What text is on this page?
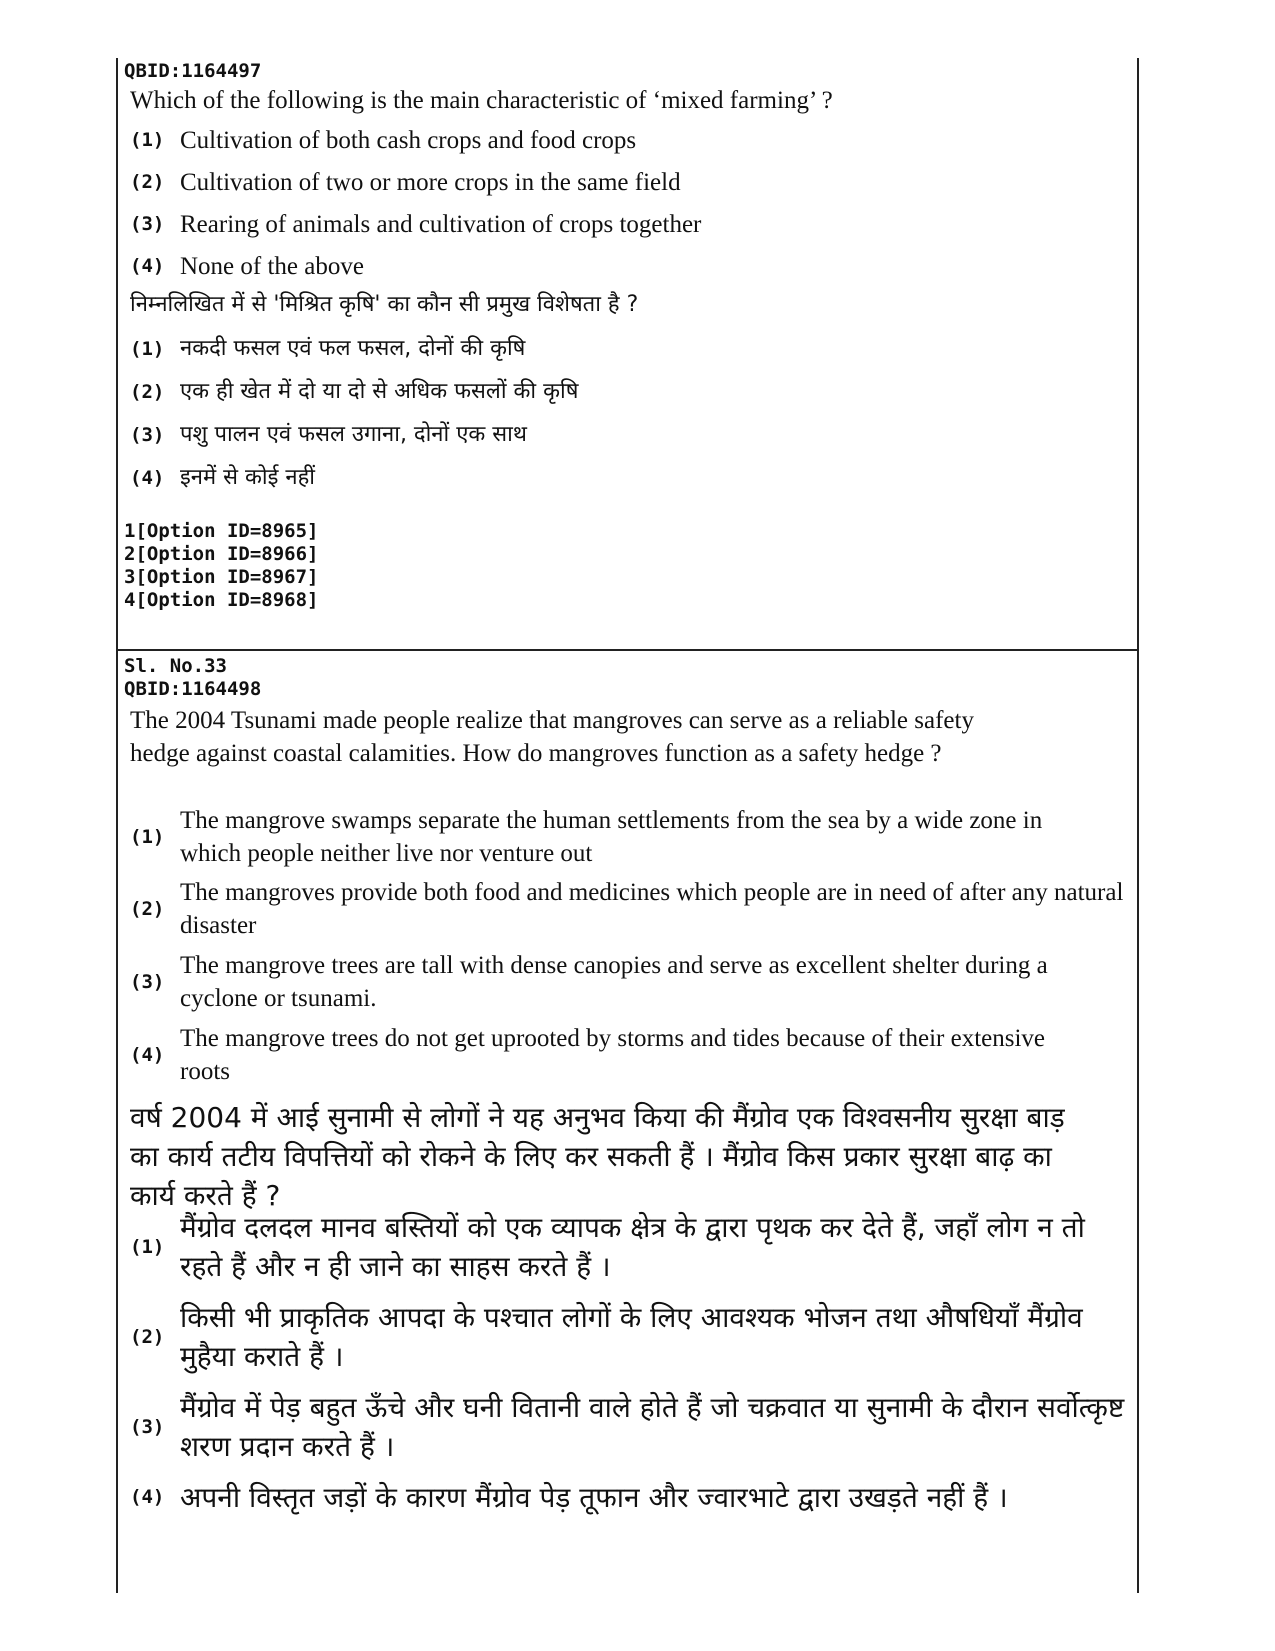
QBID:1164497
Which of the following is the main characteristic of ‘mixed farming’ ?
(1) Cultivation of both cash crops and food crops
(2) Cultivation of two or more crops in the same field
(3) Rearing of animals and cultivation of crops together
(4) None of the above
निम्नलिखित में से 'मिश्रित कृषि' का कौन सी प्रमुख विशेषता है ?
(1) नकदी फसल एवं फल फसल, दोनों की कृषि
(2) एक ही खेत में दो या दो से अधिक फसलों की कृषि
(3) पशु पालन एवं फसल उगाना, दोनों एक साथ
(4) इनमें से कोई नहीं
1[Option ID=8965]
2[Option ID=8966]
3[Option ID=8967]
4[Option ID=8968]
Sl. No.33
QBID:1164498
The 2004 Tsunami made people realize that mangroves can serve as a reliable safety hedge against coastal calamities. How do mangroves function as a safety hedge ?
(1)
The mangrove swamps separate the human settlements from the sea by a wide zone in which people neither live nor venture out
(2)
The mangroves provide both food and medicines which people are in need of after any natural disaster
(3)
The mangrove trees are tall with dense canopies and serve as excellent shelter during a cyclone or tsunami.
(4)
The mangrove trees do not get uprooted by storms and tides because of their extensive roots
वर्ष 2004 में आई सुनामी से लोगों ने यह अनुभव किया की मैंग्रोव एक विश्वसनीय सुरक्षा बाड़ का कार्य तटीय विपत्तियों को रोकने के लिए कर सकती हैं । मैंग्रोव किस प्रकार सुरक्षा बाढ़ का कार्य करते हैं ?
(1)
मैंग्रोव दलदल मानव बस्तियों को एक व्यापक क्षेत्र के द्वारा पृथक कर देते हैं, जहाँ लोग न तो रहते हैं और न ही जाने का साहस करते हैं ।
(2)
किसी भी प्राकृतिक आपदा के पश्चात लोगों के लिए आवश्यक भोजन तथा औषधियाँ मैंग्रोव मुहैया कराते हैं ।
(3)
मैंग्रोव में पेड़ बहुत ऊँचे और घनी वितानी वाले होते हैं जो चक्रवात या सुनामी के दौरान सर्वोत्कृष्ट शरण प्रदान करते हैं ।
(4) अपनी विस्तृत जड़ों के कारण मैंग्रोव पेड़ तूफान और ज्वारभाटे द्वारा उखड़ते नहीं हैं ।
